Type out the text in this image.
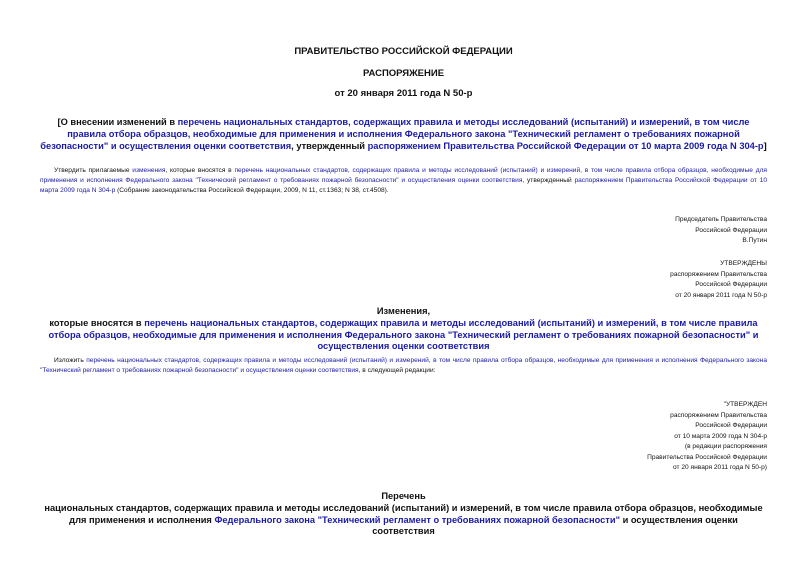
ПРАВИТЕЛЬСТВО РОССИЙСКОЙ ФЕДЕРАЦИИ
РАСПОРЯЖЕНИЕ
от 20 января 2011 года N 50-р
[О внесении изменений в перечень национальных стандартов, содержащих правила и методы исследований (испытаний) и измерений, в том числе правила отбора образцов, необходимые для применения и исполнения Федерального закона "Технический регламент о требованиях пожарной безопасности" и осуществления оценки соответствия, утвержденный распоряжением Правительства Российской Федерации от 10 марта 2009 года N 304-р]
Утвердить прилагаемые изменения, которые вносятся в перечень национальных стандартов, содержащих правила и методы исследований (испытаний) и измерений, в том числе правила отбора образцов, необходимые для применения и исполнения Федерального закона "Технический регламент о требованиях пожарной безопасности" и осуществления оценки соответствия, утвержденный распоряжением Правительства Российской Федерации от 10 марта 2009 года N 304-р (Собрание законодательства Российской Федерации, 2009, N 11, ст.1363; N 38, ст.4508).
Председатель Правительства
Российской Федерации
В.Путин
УТВЕРЖДЕНЫ
распоряжением Правительства
Российской Федерации
от 20 января 2011 года N 50-р
Изменения,
которые вносятся в перечень национальных стандартов, содержащих правила и методы исследований (испытаний) и измерений, в том числе правила отбора образцов, необходимые для применения и исполнения Федерального закона "Технический регламент о требованиях пожарной безопасности" и осуществления оценки соответствия
Изложить перечень национальных стандартов, содержащих правила и методы исследований (испытаний) и измерений, в том числе правила отбора образцов, необходимые для применения и исполнения Федерального закона "Технический регламент о требованиях пожарной безопасности" и осуществления оценки соответствия, в следующей редакции:
"УТВЕРЖДЕН
распоряжением Правительства
Российской Федерации
от 10 марта 2009 года N 304-р
(в редакции распоряжения
Правительства Российской Федерации
от 20 января 2011 года N 50-р)
Перечень
национальных стандартов, содержащих правила и методы исследований (испытаний) и измерений, в том числе правила отбора образцов, необходимые для применения и исполнения Федерального закона "Технический регламент о требованиях пожарной безопасности" и осуществления оценки соответствия
